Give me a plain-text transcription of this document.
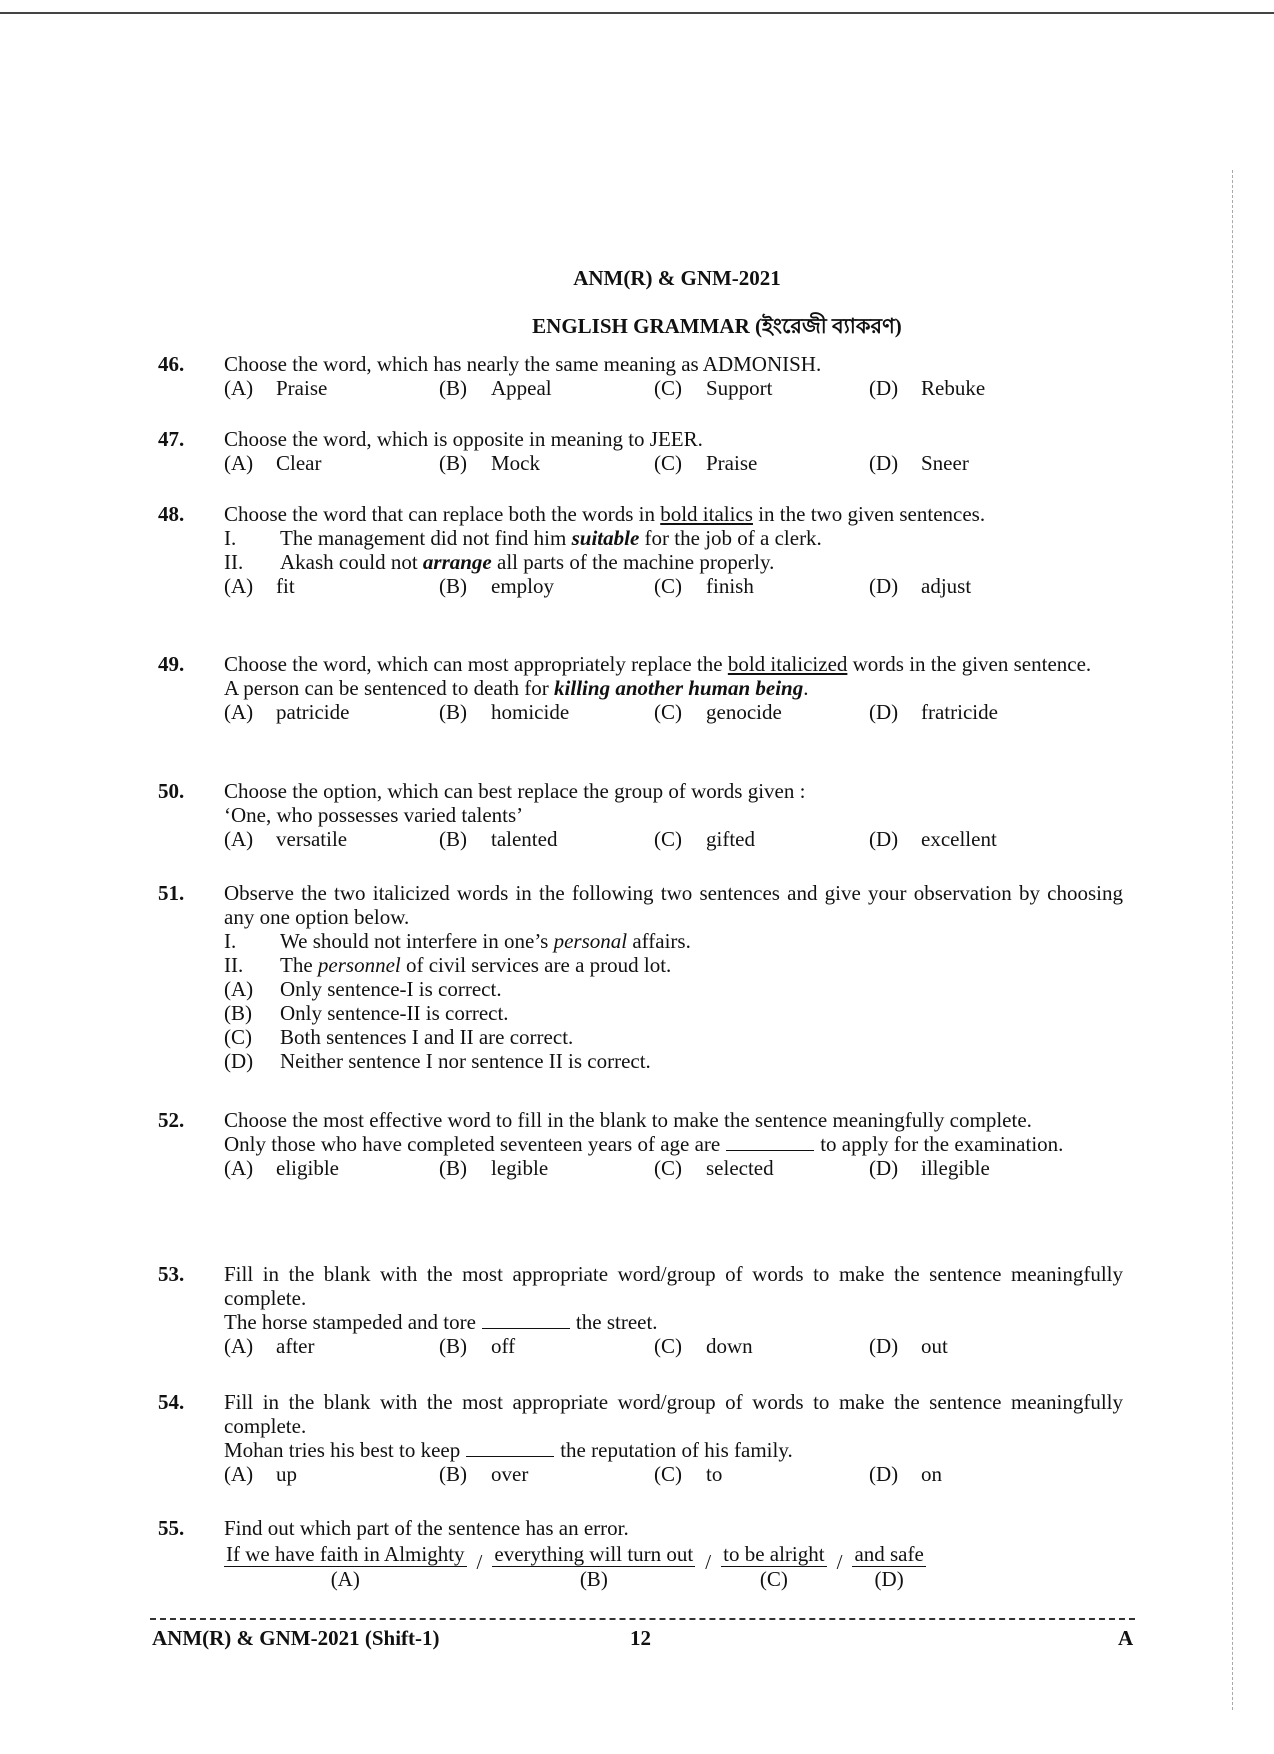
ANM(R) & GNM-2021
ENGLISH GRAMMAR (ইংরেজী ব্যাকরণ)
46. Choose the word, which has nearly the same meaning as ADMONISH.
(A) Praise	(B) Appeal	(C) Support	(D) Rebuke
47. Choose the word, which is opposite in meaning to JEER.
(A) Clear	(B) Mock	(C) Praise	(D) Sneer
48. Choose the word that can replace both the words in bold italics in the two given sentences.
I.	The management did not find him suitable for the job of a clerk.
II.	Akash could not arrange all parts of the machine properly.
(A) fit	(B) employ	(C) finish	(D) adjust
49. Choose the word, which can most appropriately replace the bold italicized words in the given sentence.
A person can be sentenced to death for killing another human being.
(A) patricide	(B) homicide	(C) genocide	(D) fratricide
50. Choose the option, which can best replace the group of words given :
‘One, who possesses varied talents’
(A) versatile	(B) talented	(C) gifted	(D) excellent
51. Observe the two italicized words in the following two sentences and give your observation by choosing any one option below.
I.	We should not interfere in one’s personal affairs.
II.	The personnel of civil services are a proud lot.
(A)	Only sentence-I is correct.
(B)	Only sentence-II is correct.
(C)	Both sentences I and II are correct.
(D)	Neither sentence I nor sentence II is correct.
52. Choose the most effective word to fill in the blank to make the sentence meaningfully complete.
Only those who have completed seventeen years of age are	to apply for the examination.
(A) eligible	(B) legible	(C) selected	(D) illegible
53. Fill in the blank with the most appropriate word/group of words to make the sentence meaningfully complete.
The horse stampeded and tore	the street.
(A) after	(B) off	(C) down	(D) out
54. Fill in the blank with the most appropriate word/group of words to make the sentence meaningfully complete.
Mohan tries his best to keep	the reputation of his family.
(A) up	(B) over	(C) to	(D) on
55. Find out which part of the sentence has an error.
If we have faith in Almighty
(A)
/ everything will turn out
(B)
/ to be alright
(C)
/ and safe
(D)
ANM(R) & GNM-2021 (Shift-1)	12	A
